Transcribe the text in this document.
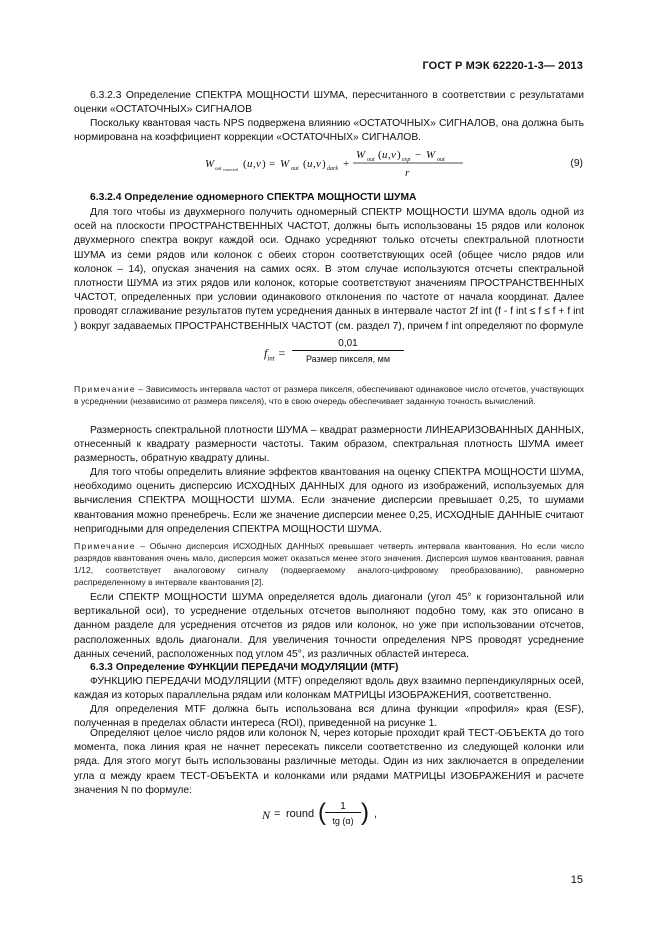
ГОСТ Р МЭК 62220-1-3— 2013
6.3.2.3 Определение СПЕКТРА МОЩНОСТИ ШУМА, пересчитанного в соответствии с результатами оценки «ОСТАТОЧНЫХ» СИГНАЛОВ
Поскольку квантовая часть NPS подвержена влиянию «ОСТАТОЧНЫХ» СИГНАЛОВ, она должна быть нормирована на коэффициент коррекции «ОСТАТОЧНЫХ» СИГНАЛОВ.
W out corrected ( u , v ) = W out ( u , v ) dark +
W out ( u , v ) exp − W out
r
(9)
6.3.2.4 Определение одномерного СПЕКТРА МОЩНОСТИ ШУМА
Для того чтобы из двухмерного получить одномерный СПЕКТР МОЩНОСТИ ШУМА вдоль одной из осей на плоскости ПРОСТРАНСТВЕННЫХ ЧАСТОТ, должны быть использованы 15 рядов или колонок двухмерного спектра вокруг каждой оси. Однако усредняют только отсчеты спектральной плотности ШУМА из семи рядов или колонок с обеих сторон соответствующих осей (общее число рядов или колонок – 14), опуская значения на самих осях. В этом случае используются отсчеты спектральной плотности ШУМА из этих рядов или колонок, которые соответствуют значениям ПРОСТРАНСТВЕННЫХ ЧАСТОТ, определенных при условии одинакового отклонения по частоте от начала координат. Далее проводят сглаживание результатов путем усреднения данных в интервале частот 2f int (f - f int ≤ f ≤ f + f int ) вокруг задаваемых ПРОСТРАНСТВЕННЫХ ЧАСТОТ (см. раздел 7), причем f int определяют по формуле
$f_{int}$ =
0,01
Размер пикселя, мм
Примечание – Зависимость интервала частот от размера пикселя, обеспечивают одинаковое число отсчетов, участвующих в усреднении (независимо от размера пикселя), что в свою очередь обеспечивает заданную точность вычислений.
Размерность спектральной плотности ШУМА – квадрат размерности ЛИНЕАРИЗОВАННЫХ ДАННЫХ, отнесенный к квадрату размерности частоты. Таким образом, спектральная плотность ШУМА имеет размерность, обратную квадрату длины.
Для того чтобы определить влияние эффектов квантования на оценку СПЕКТРА МОЩНОСТИ ШУМА, необходимо оценить дисперсию ИСХОДНЫХ ДАННЫХ для одного из изображений, используемых для вычисления СПЕКТРА МОЩНОСТИ ШУМА. Если значение дисперсии превышает 0,25, то шумами квантования можно пренебречь. Если же значение дисперсии менее 0,25, ИСХОДНЫЕ ДАННЫЕ считают непригодными для определения СПЕКТРА МОЩНОСТИ ШУМА.
Примечание – Обычно дисперсия ИСХОДНЫХ ДАННЫХ превышает четверть интервала квантования. Но если число разрядов квантования очень мало, дисперсия может оказаться менее этого значения. Дисперсия шумов квантования, равная 1/12, соответствует аналоговому сигналу (подвергаемому аналого-цифровому преобразованию), равномерно распределенному в интервале квантования [2].
Если СПЕКТР МОЩНОСТИ ШУМА определяется вдоль диагонали (угол 45° к горизонтальной или вертикальной оси), то усреднение отдельных отсчетов выполняют подобно тому, как это описано в данном разделе для усреднения отсчетов из рядов или колонок, но уже при использовании отсчетов, расположенных вдоль диагонали. Для увеличения точности определения NPS проводят усреднение данных сечений, расположенных под углом 45°, из различных областей интереса.
6.3.3 Определение ФУНКЦИИ ПЕРЕДАЧИ МОДУЛЯЦИИ (MTF)
ФУНКЦИЮ ПЕРЕДАЧИ МОДУЛЯЦИИ (MTF) определяют вдоль двух взаимно перпендикулярных осей, каждая из которых параллельна рядам или колонкам МАТРИЦЫ ИЗОБРАЖЕНИЯ, соответственно.
Для определения MTF должна быть использована вся длина функции «профиля» края (ESF), полученная в пределах области интереса (ROI), приведенной на рисунке 1.
Определяют целое число рядов или колонок N, через которые проходит край ТЕСТ-ОБЪЕКТА до того момента, пока линия края не начнет пересекать пиксели соответственно из следующей колонки или ряда. Для этого могут быть использованы различные методы. Один из них заключается в определении угла α между краем ТЕСТ-ОБЪЕКТА и колонками или рядами МАТРИЦЫ ИЗОБРАЖЕНИЯ и расчете значения N по формуле:
N = round (	1
tg (α) ) ,
15
